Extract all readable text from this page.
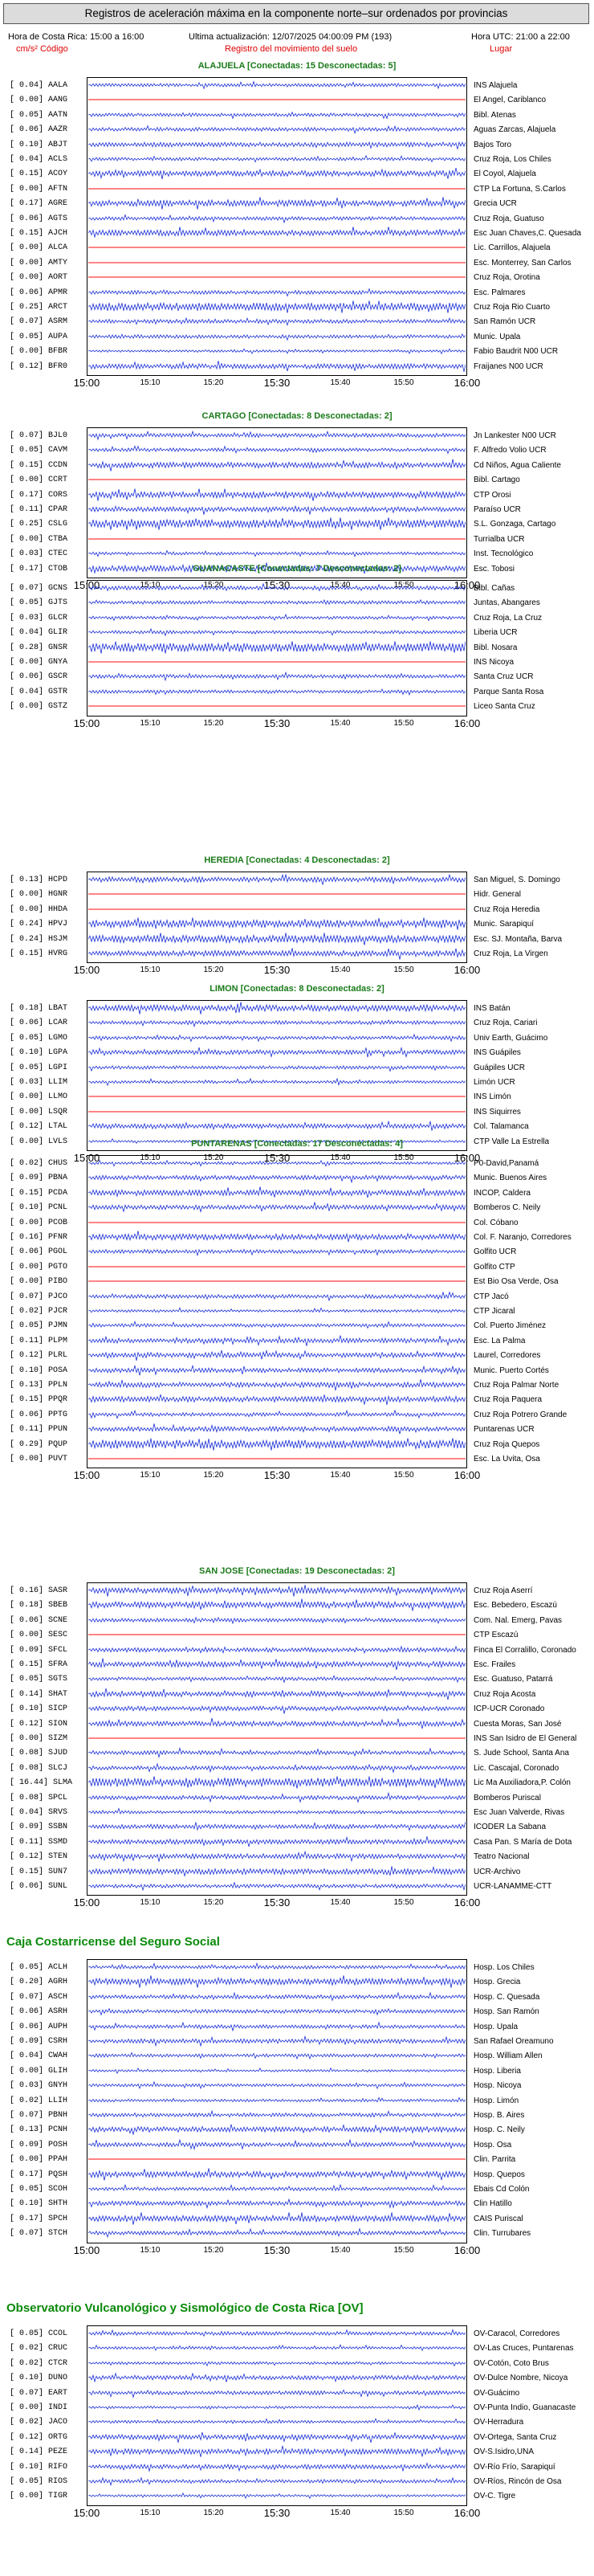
Registros de aceleración máxima en la componente norte–sur ordenados por provincias
Hora de Costa Rica: 15:00 a 16:00	Ultima actualización: 12/07/2025 04:00:09 PM (193)	Hora UTC: 21:00 a 22:00
cm/s² Código	Registro del movimiento del suelo	Lugar
ALAJUELA [Conectadas: 15 Desconectadas: 5]
[ 0.04] AALA	INS Alajuela
[ 0.00] AANG	El Angel, Cariblanco
[ 0.05] AATN	Bibl. Atenas
[ 0.06] AAZR	Aguas Zarcas, Alajuela
[ 0.10] ABJT	Bajos Toro
[ 0.04] ACLS	Cruz Roja, Los Chiles
[ 0.15] ACOY	El Coyol, Alajuela
[ 0.00] AFTN	CTP La Fortuna, S.Carlos
[ 0.17] AGRE	Grecia UCR
[ 0.06] AGTS	Cruz Roja, Guatuso
[ 0.15] AJCH	Esc Juan Chaves,C. Quesada
[ 0.00] ALCA	Lic. Carrillos, Alajuela
[ 0.00] AMTY	Esc. Monterrey, San Carlos
[ 0.00] AORT	Cruz Roja, Orotina
[ 0.06] APMR	Esc. Palmares
[ 0.25] ARCT	Cruz Roja Rio Cuarto
[ 0.07] ASRM	San Ramón UCR
[ 0.05] AUPA	Munic. Upala
[ 0.00] BFBR	Fabio Baudrit N00 UCR
[ 0.12] BFR0	Fraijanes N00 UCR
15:00	15:10	15:20	15:30	15:40	15:50	16:00
CARTAGO [Conectadas: 8 Desconectadas: 2]
[ 0.07] BJL0	Jn Lankester N00 UCR
[ 0.05] CAVM	F. Alfredo Volio UCR
[ 0.15] CCDN	Cd Niños, Agua Caliente
[ 0.00] CCRT	Bibl. Cartago
[ 0.17] CORS	CTP Orosi
[ 0.11] CPAR	Paraíso UCR
[ 0.25] CSLG	S.L. Gonzaga, Cartago
[ 0.00] CTBA	Turrialba UCR
[ 0.03] CTEC	Inst. Tecnológico
[ 0.17] CTOB	Esc. Tobosi
15:00	15:10	15:20	15:30	15:40	15:50	16:00
GUANACASTE [Conectadas: 7 Desconectadas: 2]
[ 0.07] GCNS	Bibl. Cañas
[ 0.05] GJTS	Juntas, Abangares
[ 0.03] GLCR	Cruz Roja, La Cruz
[ 0.04] GLIR	Liberia UCR
[ 0.28] GNSR	Bibl. Nosara
[ 0.00] GNYA	INS Nicoya
[ 0.06] GSCR	Santa Cruz UCR
[ 0.04] GSTR	Parque Santa Rosa
[ 0.00] GSTZ	Liceo Santa Cruz
15:00	15:10	15:20	15:30	15:40	15:50	16:00
HEREDIA [Conectadas: 4 Desconectadas: 2]
[ 0.13] HCPD	San Miguel, S. Domingo
[ 0.00] HGNR	Hidr. General
[ 0.00] HHDA	Cruz Roja Heredia
[ 0.24] HPVJ	Munic. Sarapiquí
[ 0.24] HSJM	Esc. SJ. Montaña, Barva
[ 0.15] HVRG	Cruz Roja, La Virgen
15:00	15:10	15:20	15:30	15:40	15:50	16:00
LIMON [Conectadas: 8 Desconectadas: 2]
[ 0.18] LBAT	INS Batán
[ 0.06] LCAR	Cruz Roja, Cariari
[ 0.05] LGMO	Univ Earth, Guácimo
[ 0.10] LGPA	INS Guápiles
[ 0.05] LGPI	Guápiles UCR
[ 0.03] LLIM	Limón UCR
[ 0.00] LLMO	INS Limón
[ 0.00] LSQR	INS Siquirres
[ 0.12] LTAL	Col. Talamanca
[ 0.00] LVLS	CTP Valle La Estrella
15:00	15:10	15:20	15:30	15:40	15:50	16:00
PUNTARENAS [Conectadas: 17 Desconectadas: 4]
[ 0.02] CHUS	P0-David,Panamá
[ 0.09] PBNA	Munic. Buenos Aires
[ 0.15] PCDA	INCOP, Caldera
[ 0.10] PCNL	Bomberos C. Neily
[ 0.00] PCOB	Col. Cóbano
[ 0.16] PFNR	Col. F. Naranjo, Corredores
[ 0.06] PGOL	Golfito UCR
[ 0.00] PGTO	Golfito CTP
[ 0.00] PIBO	Est Bio Osa Verde, Osa
[ 0.07] PJCO	CTP Jacó
[ 0.02] PJCR	CTP Jicaral
[ 0.05] PJMN	Col. Puerto Jiménez
[ 0.11] PLPM	Esc. La Palma
[ 0.12] PLRL	Laurel, Corredores
[ 0.10] POSA	Munic. Puerto Cortés
[ 0.13] PPLN	Cruz Roja Palmar Norte
[ 0.15] PPQR	Cruz Roja Paquera
[ 0.06] PPTG	Cruz Roja Potrero Grande
[ 0.11] PPUN	Puntarenas UCR
[ 0.29] PQUP	Cruz Roja Quepos
[ 0.00] PUVT	Esc. La Uvita, Osa
15:00	15:10	15:20	15:30	15:40	15:50	16:00
SAN JOSE [Conectadas: 19 Desconectadas: 2]
[ 0.16] SASR	Cruz Roja Aserrí
[ 0.18] SBEB	Esc. Bebedero, Escazú
[ 0.06] SCNE	Com. Nal. Emerg, Pavas
[ 0.00] SESC	CTP Escazú
[ 0.09] SFCL	Finca El Corralillo, Coronado
[ 0.15] SFRA	Esc. Frailes
[ 0.05] SGTS	Esc. Guatuso, Patarrá
[ 0.14] SHAT	Cruz Roja Acosta
[ 0.10] SICP	ICP-UCR Coronado
[ 0.12] SION	Cuesta Moras, San José
[ 0.00] SIZM	INS San Isidro de El General
[ 0.08] SJUD	S. Jude School, Santa Ana
[ 0.08] SLCJ	Lic. Cascajal, Coronado
[ 16.44] SLMA	Lic Ma Auxiliadora,P. Colón
[ 0.08] SPCL	Bomberos Puriscal
[ 0.04] SRVS	Esc Juan Valverde, Rivas
[ 0.09] SSBN	ICODER La Sabana
[ 0.11] SSMD	Casa Pan. S María de Dota
[ 0.12] STEN	Teatro Nacional
[ 0.15] SUN7	UCR-Archivo
[ 0.06] SUNL	UCR-LANAMME-CTT
15:00	15:10	15:20	15:30	15:40	15:50	16:00
Caja Costarricense del Seguro Social
[ 0.05] ACLH	Hosp. Los Chiles
[ 0.20] AGRH	Hosp. Grecia
[ 0.07] ASCH	Hosp. C. Quesada
[ 0.06] ASRH	Hosp. San Ramón
[ 0.06] AUPH	Hosp. Upala
[ 0.09] CSRH	San Rafael Oreamuno
[ 0.04] CWAH	Hosp. William Allen
[ 0.00] GLIH	Hosp. Liberia
[ 0.03] GNYH	Hosp. Nicoya
[ 0.02] LLIH	Hosp. Limón
[ 0.07] PBNH	Hosp. B. Aires
[ 0.13] PCNH	Hosp. C. Neily
[ 0.09] POSH	Hosp. Osa
[ 0.00] PPAH	Clin. Parrita
[ 0.17] PQSH	Hosp. Quepos
[ 0.05] SCOH	Ebais Cd Colón
[ 0.10] SHTH	Clin Hatillo
[ 0.17] SPCH	CAIS Puriscal
[ 0.07] STCH	Clin. Turrubares
15:00	15:10	15:20	15:30	15:40	15:50	16:00
Observatorio Vulcanológico y Sismológico de Costa Rica [OV]
[ 0.05] CCOL	OV-Caracol, Corredores
[ 0.02] CRUC	OV-Las Cruces, Puntarenas
[ 0.02] CTCR	OV-Cotón, Coto Brus
[ 0.10] DUNO	OV-Dulce Nombre, Nicoya
[ 0.07] EART	OV-Guácimo
[ 0.00] INDI	OV-Punta Indio, Guanacaste
[ 0.02] JACO	OV-Herradura
[ 0.12] ORTG	OV-Ortega, Santa Cruz
[ 0.14] PEZE	OV-S.Isidro,UNA
[ 0.10] RIFO	OV-Río Frío, Sarapiquí
[ 0.05] RIOS	OV-Ríos, Rincón de Osa
[ 0.00] TIGR	OV-C. Tigre
15:00	15:10	15:20	15:30	15:40	15:50	16:00
